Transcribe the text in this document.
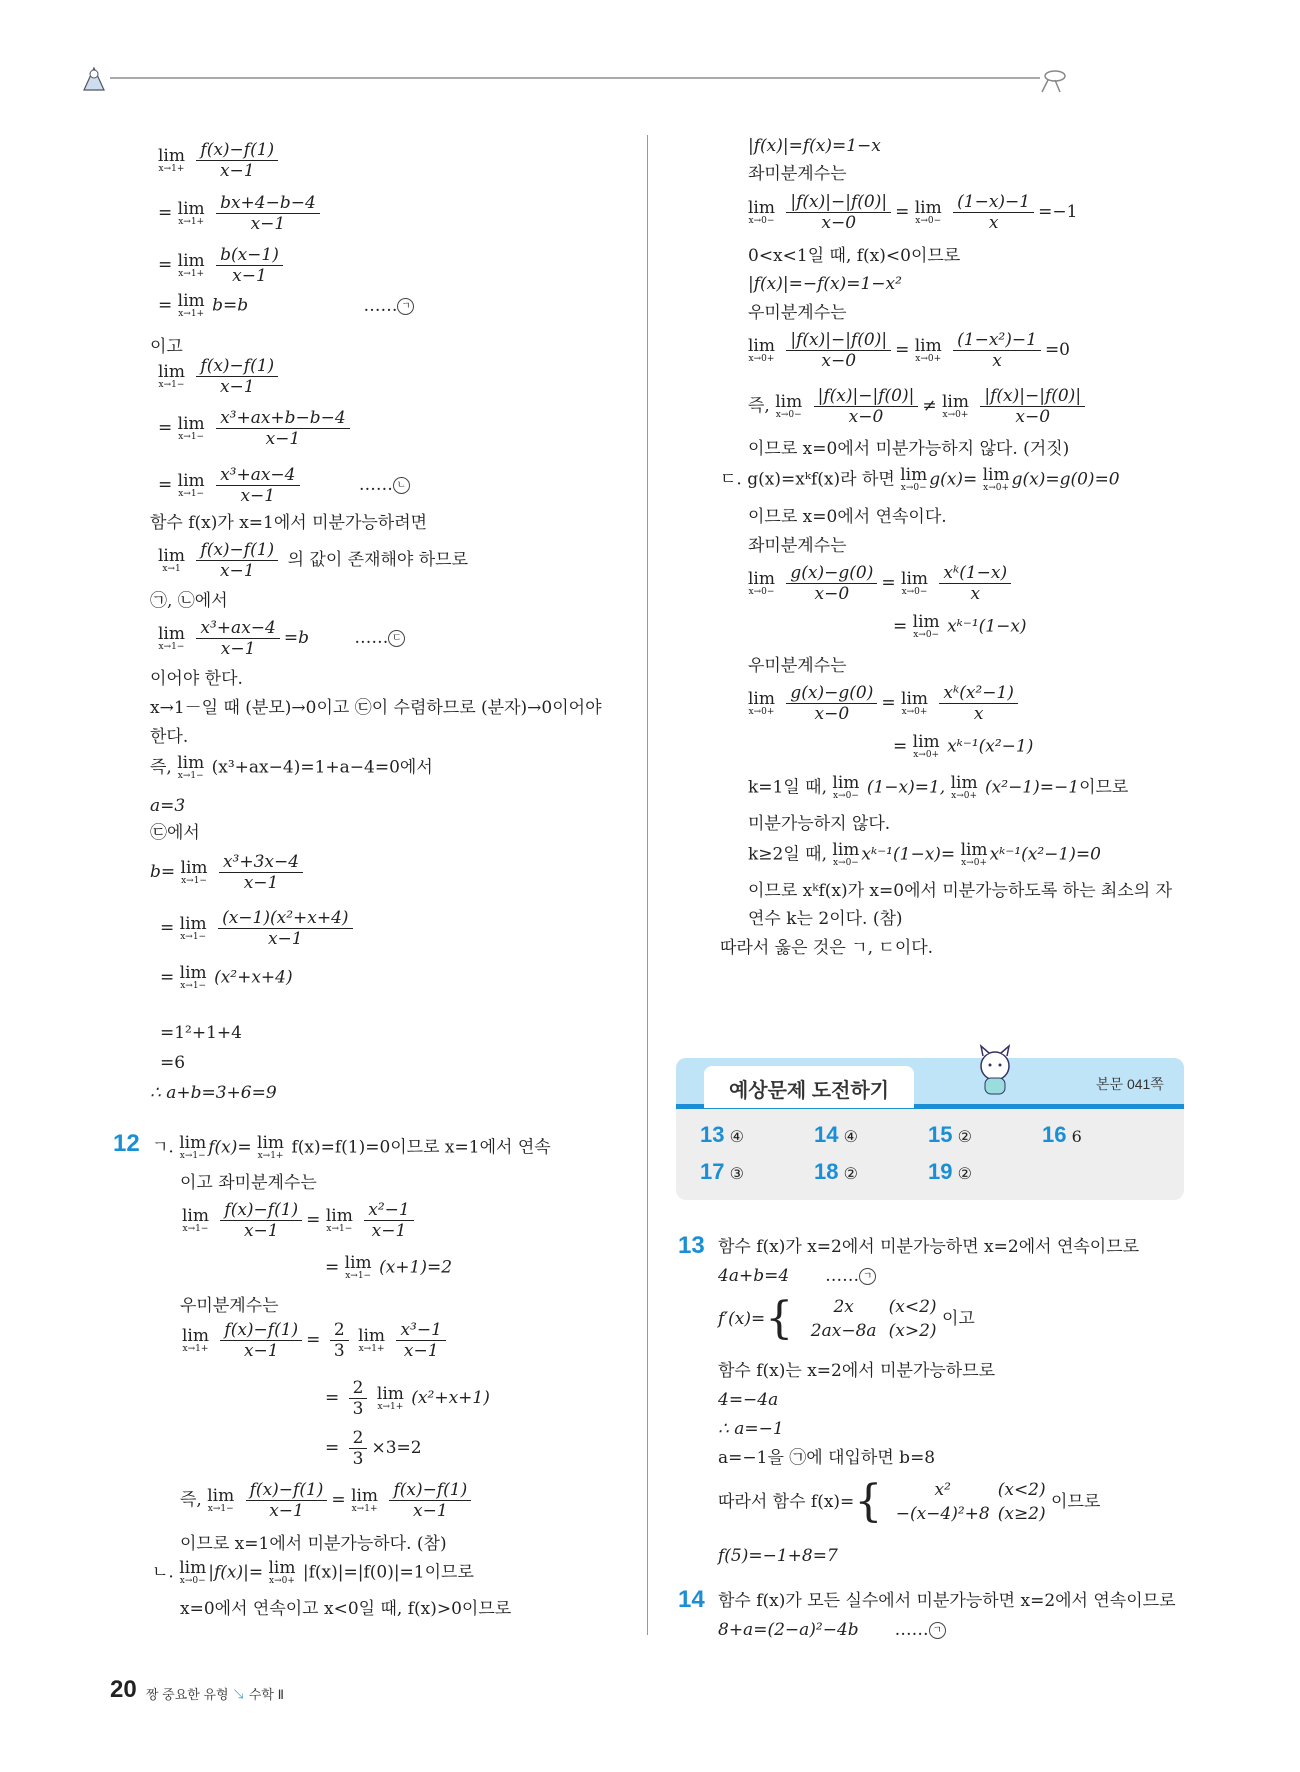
lim
x→1+
$\frac{f(x)-f(1)}{x-1}$
= lim
x→1+
$\frac{bx+4-b-4}{x-1}$
= lim
x→1+
$\frac{b(x-1)}{x-1}$
= lim
x→1+ b=b	…… ㄱ
이고
lim
x→1−
$\frac{f(x)-f(1)}{x-1}$
= lim
x→1−
$\frac{\text{x³+ax+b−b−4}}{x-1}$
= lim
x→1−
$\frac{\text{x³+ax−4}}{x-1}$	…… ㄴ
함수 f(x)가 x=1에서 미분가능하려면
lim
x→1
$\frac{f(x)-f(1)}{x-1}$ 의 값이 존재해야 하므로
㉠, ㉡에서
lim
x→1−
$\frac{\text{x³+ax−4}}{x-1} =b$	…… ㄷ
이어야 한다.
x→1－일 때 (분모)→0이고 ㉢이 수렴하므로 (분자)→0이어야
한다.
즉, lim
x→1− (x³+ax−4)=1+a−4=0에서
a=3
㉢에서
b= lim
x→1−
$\frac{\text{x³+3x−4}}{x-1}$
= lim
x→1−
$\frac{\text{(x−1)(x²+x+4)}}{x-1}$
= lim
x→1− (x²+x+4)
=1²+1+4
=6
∴ a+b=3+6=9
12 ㄱ. lim
x→1− f(x)= lim
x→1+ f(x)=f(1)=0이므로 x=1에서 연속
이고 좌미분계수는
lim
x→1−
$\frac{f(x)-f(1)}{x-1} = \lim$
x→1−
$\frac{\text{x²−1}}{x-1}$
= lim
x→1− (x+1)=2
우미분계수는
lim
x→1+
$\frac{f(x)-f(1)}{x-1} = \frac{2}{3}$ lim
x→1+
$\frac{\text{x³−1}}{x-1}$
= $\frac{2}{3}$ lim
x→1+ (x²+x+1)
= $\frac{2}{3} \times 3=2$
즉, lim
x→1−
$\frac{f(x)-f(1)}{x-1} = \lim$
x→1+
$\frac{f(x)-f(1)}{x-1}$
이므로 x=1에서 미분가능하다. (참)
ㄴ. lim
x→0− |f(x)|= lim
x→0+ |f(x)|=|f(0)|=1이므로
x=0에서 연속이고 x<0일 때, f(x)>0이므로
|f(x)|=f(x)=1−x
좌미분계수는
lim
x→0−
$\frac{|f(x)|-|f(0)|}{x-0} = \lim$
x→0−
$\frac{(1-x)-1}{x} =-1$
0<x<1일 때, f(x)<0이므로
|f(x)|=−f(x)=1−x²
우미분계수는
lim
x→0+
$\frac{|f(x)|-|f(0)|}{x-0} = \lim$
x→0+
$\frac{\text{(1−x²)−1}}{x} =0$
즉, lim
x→0−
$\frac{|f(x)|-|f(0)|}{x-0} \ne \lim$
x→0+
$\frac{|f(x)|-|f(0)|}{x-0}$
이므로 x=0에서 미분가능하지 않다. (거짓)
ㄷ. g(x)=xᵏf(x)라 하면 lim
x→0− g(x)= lim
x→0+ g(x)=g(0)=0
이므로 x=0에서 연속이다.
좌미분계수는
lim
x→0−
$\frac{g(x)-g(0)}{x-0} = \lim$
x→0−
$\frac{\text{xᵏ(1−x)}}{x}$
= lim
x→0− xᵏ⁻¹(1−x)
우미분계수는
lim
x→0+
$\frac{g(x)-g(0)}{x-0} = \lim$
x→0+
$\frac{\text{xᵏ(x²−1)}}{x}$
= lim
x→0+ xᵏ⁻¹(x²−1)
k=1일 때, lim
x→0− (1−x)=1, lim
x→0+ (x²−1)=−1이므로
미분가능하지 않다.
k≥2일 때, lim
x→0− xᵏ⁻¹(1−x)= lim
x→0+ xᵏ⁻¹(x²−1)=0
이므로 xᵏf(x)가 x=0에서 미분가능하도록 하는 최소의 자
연수 k는 2이다. (참)
따라서 옳은 것은 ㄱ, ㄷ이다.
예상문제 도전하기	본문 041쪽
13 ④	14 ④	15 ②	16 6
17 ③	18 ②	19 ②
13 함수 f(x)가 x=2에서 미분가능하면 x=2에서 연속이므로
4a+b=4 …… ㄱ
f′(x)={	2x (x<2)
2ax−8a (x>2)
이고
함수 f(x)는 x=2에서 미분가능하므로
4=−4a
∴ a=−1
a=−1을 ㉠에 대입하면 b=8
따라서 함수 f(x)={	x²	(x<2)
−(x−4)²+8 (x≥2)
이므로
f(5)=−1+8=7
14 함수 f(x)가 모든 실수에서 미분가능하면 x=2에서 연속이므로
8+a=(2−a)²−4b …… ㄱ
20 짱 중요한 유형 ↘ 수학 Ⅱ
